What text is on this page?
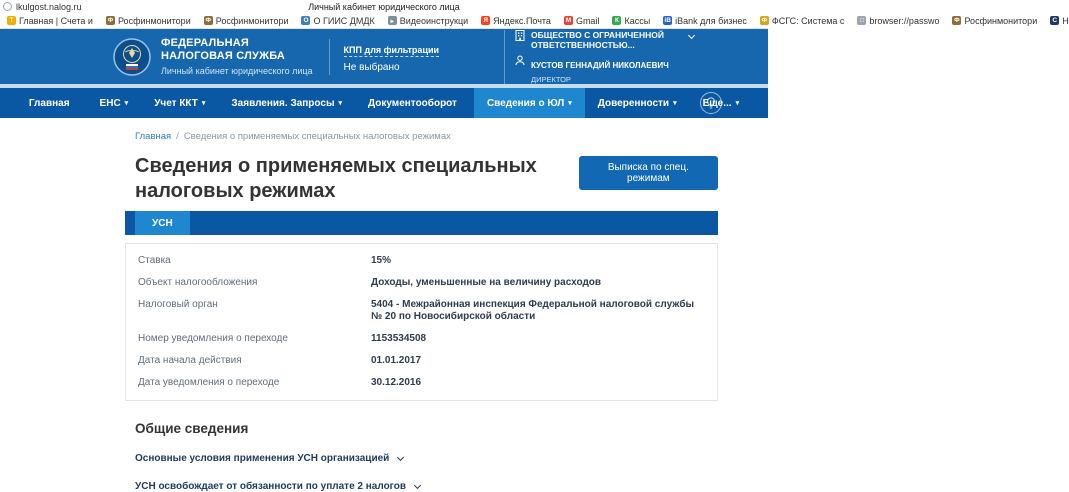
lkulgost.nalog.ru	Личный кабинет юридического лица
T Главная | Счета и Ф Росфинмонитори Ф Росфинмонитори	О О ГИИС ДМДК	▸ Видеоинструкци	Я Яндекс.Почта M Gmail	К Кассы iB iBank для бизнес Ф ФСГС: Система с	□ browser://passwo Ф Росфинмонитори	C Н
ФЕДЕРАЛЬНАЯ
НАЛОГОВАЯ СЛУЖБА
Личный кабинет юридического лица
КПП для фильтрации
Не выбрано
ОБЩЕСТВО С ОГРАНИЧЕННОЙ ОТВЕТСТВЕННОСТЬЮ...
КУСТОВ ГЕННАДИЙ НИКОЛАЕВИЧ
ДИРЕКТОР
Главная	ЕНС ▾	Учет ККТ ▾	Заявления. Запросы ▾	Документооборот	Сведения о ЮЛ ▾	Доверенности ▾	Еще... ▾
Главная / Сведения о применяемых специальных налоговых режимах
Сведения о применяемых специальных налоговых режимах
Выписка по спец. режимам
УСН
Ставка	15%
Объект налогообложения	Доходы, уменьшенные на величину расходов
Налоговый орган	5404 - Межрайонная инспекция Федеральной налоговой службы № 20 по Новосибирской области
Номер уведомления о переходе	1153534508
Дата начала действия	01.01.2017
Дата уведомления о переходе	30.12.2016
Общие сведения
Основные условия применения УСН организацией
УСН освобождает от обязанности по уплате 2 налогов
